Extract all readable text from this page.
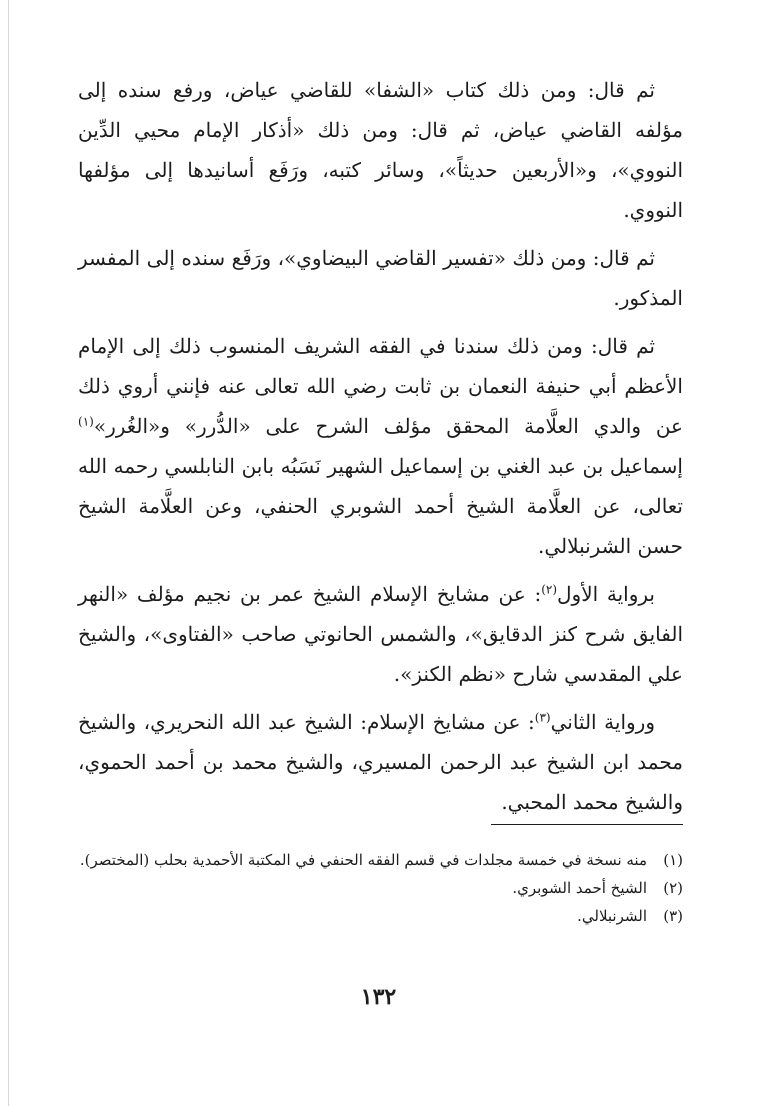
ثم قال: ومن ذلك كتاب «الشفا» للقاضي عياض، ورفع سنده إلى مؤلفه القاضي عياض، ثم قال: ومن ذلك «أذكار الإمام محيي الدِّين النووي»، و«الأربعين حديثاً»، وسائر كتبه، ورَفَع أسانيدها إلى مؤلفها النووي.

ثم قال: ومن ذلك «تفسير القاضي البيضاوي»، ورَفَع سنده إلى المفسر المذكور.

ثم قال: ومن ذلك سندنا في الفقه الشريف المنسوب ذلك إلى الإمام الأعظم أبي حنيفة النعمان بن ثابت رضي الله تعالى عنه فإنني أروي ذلك عن والدي العلَّامة المحقق مؤلف الشرح على «الدُّرر» و«الغُرر»$^{(١)}$ إسماعيل بن عبد الغني بن إسماعيل الشهير نَسَبُه بابن النابلسي رحمه الله تعالى، عن العلَّامة الشيخ أحمد الشوبري الحنفي، وعن العلَّامة الشيخ حسن الشرنبلالي.

بروایة الأول$^{(٢)}$: عن مشايخ الإسلام الشيخ عمر بن نجيم مؤلف «النهر الفايق شرح كنز الدقايق»، والشمس الحانوتي صاحب «الفتاوى»، والشيخ علي المقدسي شارح «نظم الكنز».

وروایة الثاني$^{(٣)}$: عن مشايخ الإسلام: الشيخ عبد الله النحريري، والشيخ محمد ابن الشيخ عبد الرحمن المسيري، والشيخ محمد بن أحمد الحموي، والشيخ محمد المحبي.

(١)منه نسخة في خمسة مجلدات في قسم الفقه الحنفي في المكتبة الأحمدية بحلب (المختصر).

(٢)الشيخ أحمد الشوبري.

(٣)الشرنبلالي.

١٣٢
